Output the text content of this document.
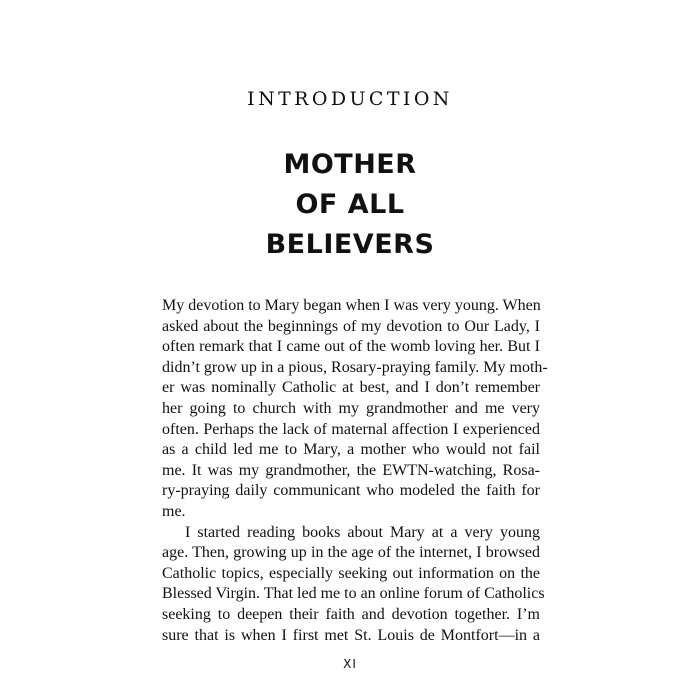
INTRODUCTION
MOTHER
OF ALL
BELIEVERS
My devotion to Mary began when I was very young. When
asked about the beginnings of my devotion to Our Lady, I
often remark that I came out of the womb loving her. But I
didn’t grow up in a pious, Rosary-praying family. My moth-
er was nominally Catholic at best, and I don’t remember
her going to church with my grandmother and me very
often. Perhaps the lack of maternal affection I experienced
as a child led me to Mary, a mother who would not fail
me. It was my grandmother, the EWTN-watching, Rosa-
ry-praying daily communicant who modeled the faith for
me.
I started reading books about Mary at a very young
age. Then, growing up in the age of the internet, I browsed
Catholic topics, especially seeking out information on the
Blessed Virgin. That led me to an online forum of Catholics
seeking to deepen their faith and devotion together. I’m
sure that is when I first met St. Louis de Montfort—in a
XI
